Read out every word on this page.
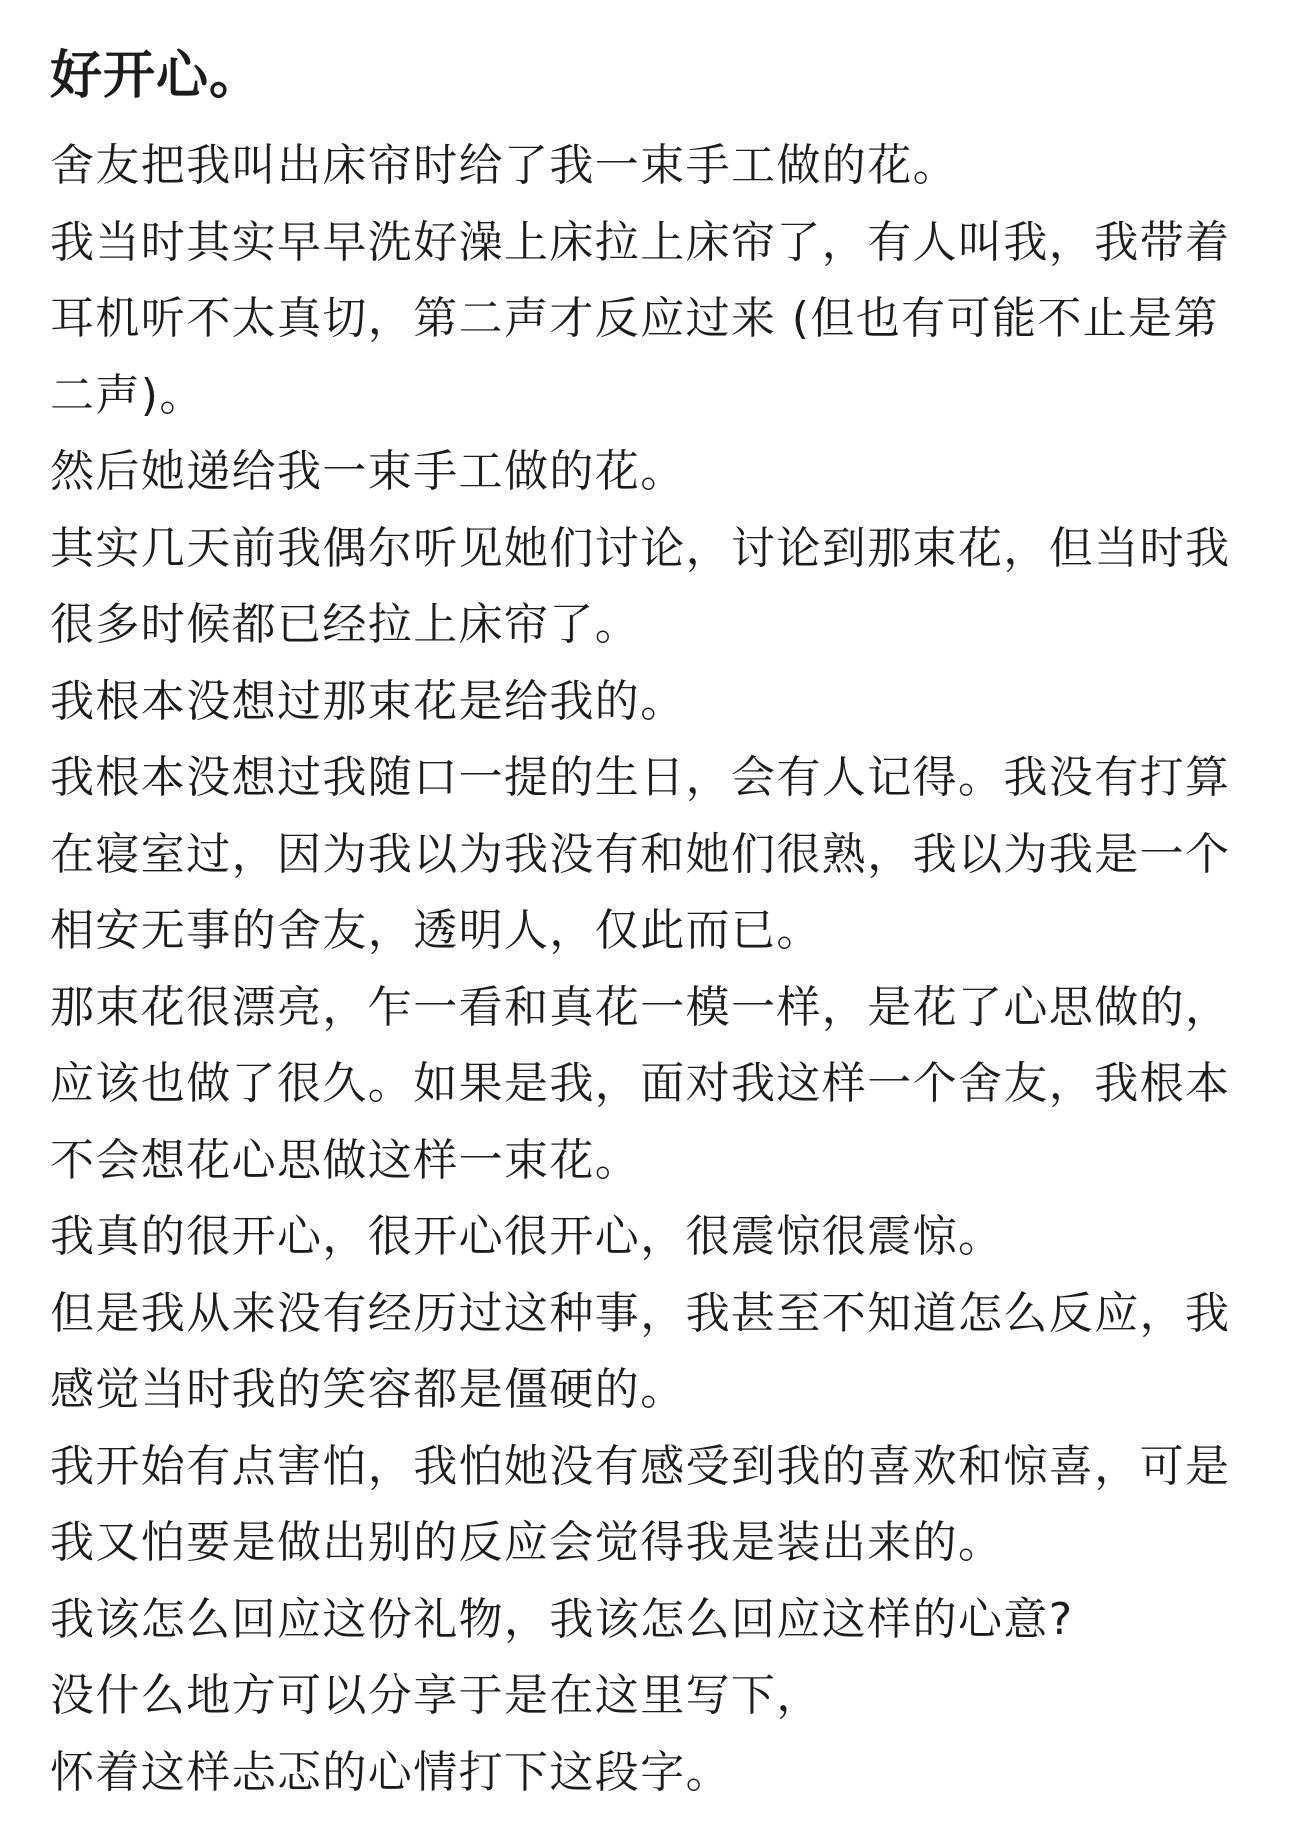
好开心。

舍友把我叫出床帘时给了我一束手工做的花。

我当时其实早早洗好澡上床拉上床帘了，有人叫我，我带着耳机听不太真切，第二声才反应过来 (但也有可能不止是第二声)。

然后她递给我一束手工做的花。

其实几天前我偶尔听见她们讨论，讨论到那束花，但当时我很多时候都已经拉上床帘了。

我根本没想过那束花是给我的。

我根本没想过我随口一提的生日，会有人记得。我没有打算在寝室过，因为我以为我没有和她们很熟，我以为我是一个相安无事的舍友，透明人，仅此而已。

那束花很漂亮，乍一看和真花一模一样，是花了心思做的，应该也做了很久。如果是我，面对我这样一个舍友，我根本不会想花心思做这样一束花。

我真的很开心，很开心很开心，很震惊很震惊。

但是我从来没有经历过这种事，我甚至不知道怎么反应，我感觉当时我的笑容都是僵硬的。

我开始有点害怕，我怕她没有感受到我的喜欢和惊喜，可是我又怕要是做出别的反应会觉得我是装出来的。

我该怎么回应这份礼物，我该怎么回应这样的心意?

没什么地方可以分享于是在这里写下，

怀着这样忐忑的心情打下这段字。
